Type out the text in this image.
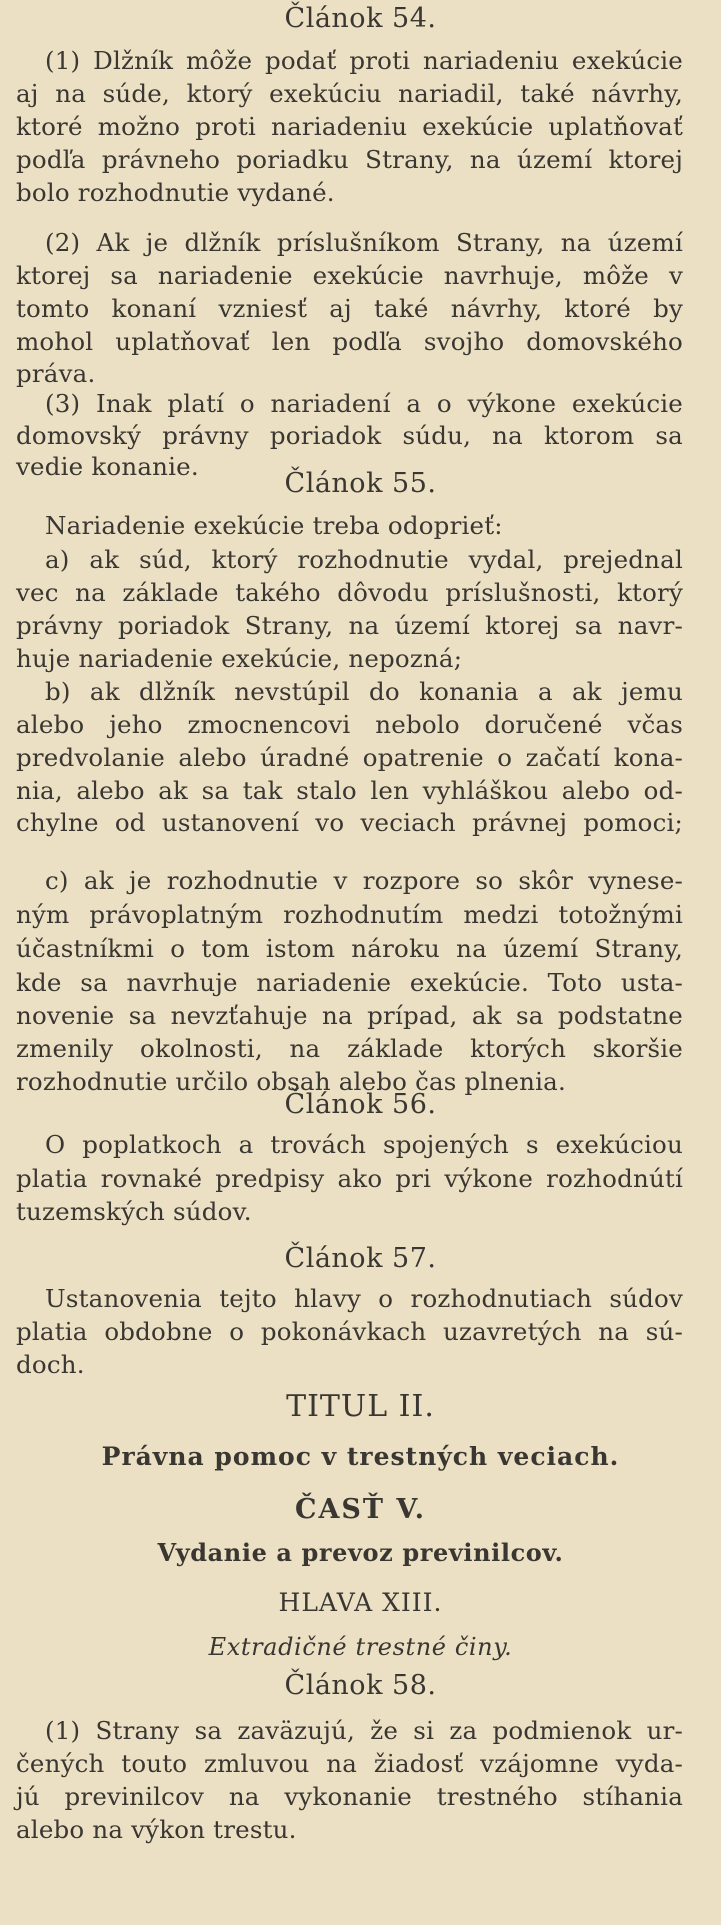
Článok 54.
(1) Dlžník môže podať proti nariadeniu exekúcie
aj na súde, ktorý exekúciu nariadil, také návrhy,
ktoré možno proti nariadeniu exekúcie uplatňovať
podľa právneho poriadku Strany, na území ktorej
bolo rozhodnutie vydané.
(2) Ak je dlžník príslušníkom Strany, na území
ktorej sa nariadenie exekúcie navrhuje, môže v
tomto konaní vzniesť aj také návrhy, ktoré by
mohol uplatňovať len podľa svojho domovského
práva.
(3) Inak platí o nariadení a o výkone exekúcie
domovský právny poriadok súdu, na ktorom sa
vedie konanie.
Článok 55.
Nariadenie exekúcie treba odoprieť:
a) ak súd, ktorý rozhodnutie vydal, prejednal
vec na základe takého dôvodu príslušnosti, ktorý
právny poriadok Strany, na území ktorej sa navr-
huje nariadenie exekúcie, nepozná;
b) ak dlžník nevstúpil do konania a ak jemu
alebo jeho zmocnencovi nebolo doručené včas
predvolanie alebo úradné opatrenie o začatí kona-
nia, alebo ak sa tak stalo len vyhláškou alebo od-
chylne od ustanovení vo veciach právnej pomoci;
c) ak je rozhodnutie v rozpore so skôr vynese-
ným právoplatným rozhodnutím medzi totožnými
účastníkmi o tom istom nároku na území Strany,
kde sa navrhuje nariadenie exekúcie. Toto usta-
novenie sa nevzťahuje na prípad, ak sa podstatne
zmenily okolnosti, na základe ktorých skoršie
rozhodnutie určilo obsah alebo čas plnenia.
Článok 56.
O poplatkoch a trovách spojených s exekúciou
platia rovnaké predpisy ako pri výkone rozhodnútí
tuzemských súdov.
Článok 57.
Ustanovenia tejto hlavy o rozhodnutiach súdov
platia obdobne o pokonávkach uzavretých na sú-
doch.
TITUL II.
Právna pomoc v trestných veciach.
ČASŤ V.
Vydanie a prevoz previnilcov.
HLAVA XIII.
Extradičné trestné činy.
Článok 58.
(1) Strany sa zaväzujú, že si za podmienok ur-
čených touto zmluvou na žiadosť vzájomne vyda-
jú previnilcov na vykonanie trestného stíhania
alebo na výkon trestu.
